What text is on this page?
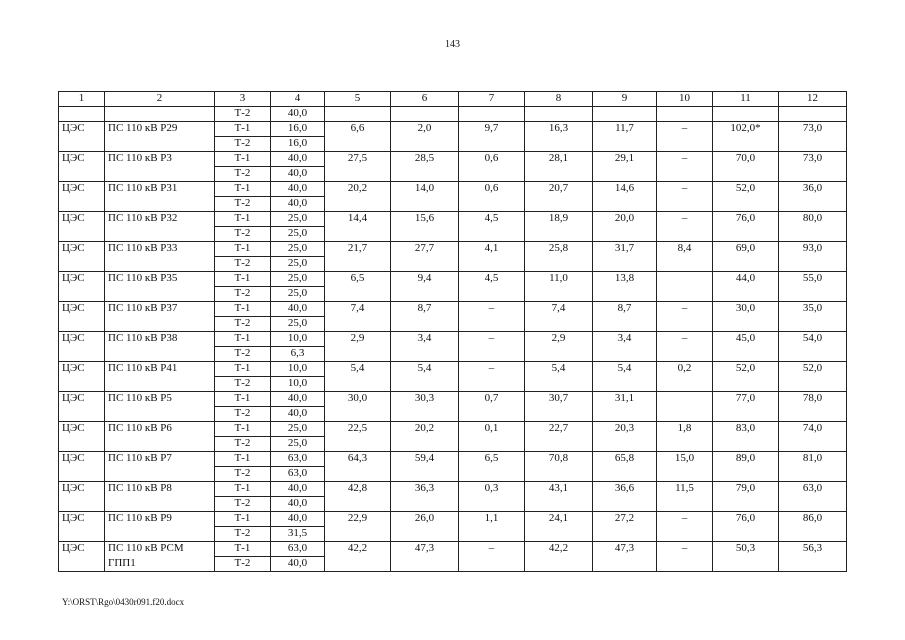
143
1	2	3	4	5	6	7	8	9	10	11	12
		Т-2	40,0								
ЦЭС	ПС 110 кВ Р29	Т-1	16,0	6,6	2,0	9,7	16,3	11,7	–	102,0*	73,0
		Т-2	16,0								
ЦЭС	ПС 110 кВ Р3	Т-1	40,0	27,5	28,5	0,6	28,1	29,1	–	70,0	73,0
		Т-2	40,0								
ЦЭС	ПС 110 кВ Р31	Т-1	40,0	20,2	14,0	0,6	20,7	14,6	–	52,0	36,0
		Т-2	40,0								
ЦЭС	ПС 110 кВ Р32	Т-1	25,0	14,4	15,6	4,5	18,9	20,0	–	76,0	80,0
		Т-2	25,0								
ЦЭС	ПС 110 кВ Р33	Т-1	25,0	21,7	27,7	4,1	25,8	31,7	8,4	69,0	93,0
		Т-2	25,0								
ЦЭС	ПС 110 кВ Р35	Т-1	25,0	6,5	9,4	4,5	11,0	13,8		44,0	55,0
		Т-2	25,0								
ЦЭС	ПС 110 кВ Р37	Т-1	40,0	7,4	8,7	–	7,4	8,7	–	30,0	35,0
		Т-2	25,0								
ЦЭС	ПС 110 кВ Р38	Т-1	10,0	2,9	3,4	–	2,9	3,4	–	45,0	54,0
		Т-2	6,3								
ЦЭС	ПС 110 кВ Р41	Т-1	10,0	5,4	5,4	–	5,4	5,4	0,2	52,0	52,0
		Т-2	10,0								
ЦЭС	ПС 110 кВ Р5	Т-1	40,0	30,0	30,3	0,7	30,7	31,1		77,0	78,0
		Т-2	40,0								
ЦЭС	ПС 110 кВ Р6	Т-1	25,0	22,5	20,2	0,1	22,7	20,3	1,8	83,0	74,0
		Т-2	25,0								
ЦЭС	ПС 110 кВ Р7	Т-1	63,0	64,3	59,4	6,5	70,8	65,8	15,0	89,0	81,0
		Т-2	63,0								
ЦЭС	ПС 110 кВ Р8	Т-1	40,0	42,8	36,3	0,3	43,1	36,6	11,5	79,0	63,0
		Т-2	40,0								
ЦЭС	ПС 110 кВ Р9	Т-1	40,0	22,9	26,0	1,1	24,1	27,2	–	76,0	86,0
		Т-2	31,5								
ЦЭС	ПС 110 кВ РСМ	Т-1	63,0	42,2	47,3	–	42,2	47,3	–	50,3	56,3
	ГПП1	Т-2	40,0								
Y:\ORST\Rgo\0430r091.f20.docx
